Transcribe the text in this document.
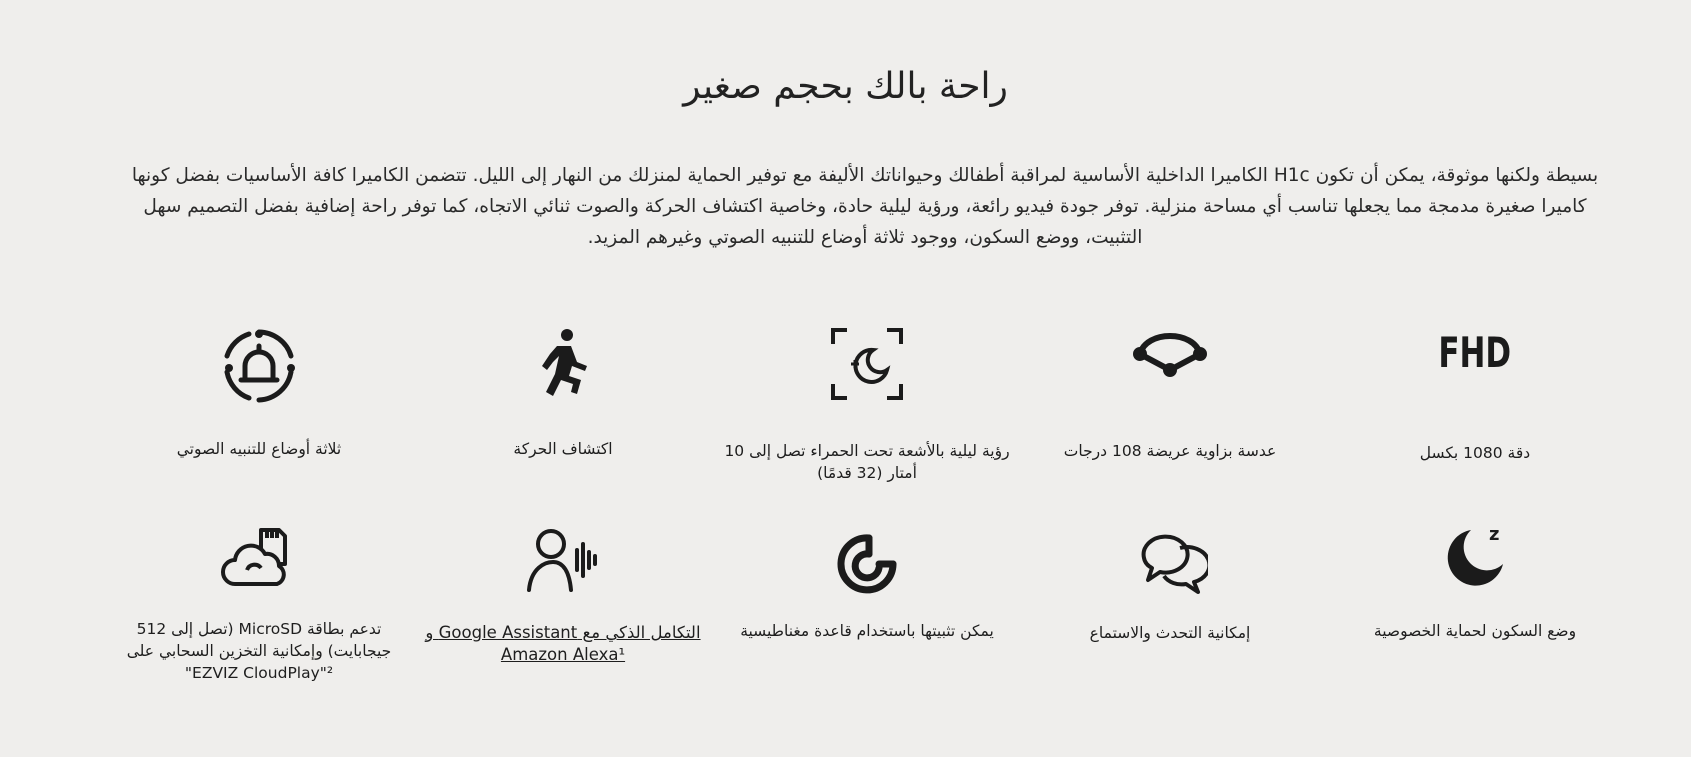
راحة بالك بحجم صغير

بسيطة ولكنها موثوقة، يمكن أن تكون H1c الكاميرا الداخلية الأساسية لمراقبة أطفالك وحيواناتك الأليفة مع توفير الحماية لمنزلك من النهار إلى الليل. تتضمن الكاميرا كافة الأساسيات بفضل كونها كاميرا صغيرة مدمجة مما يجعلها تناسب أي مساحة منزلية. توفر جودة فيديو رائعة، ورؤية ليلية حادة، وخاصية اكتشاف الحركة والصوت ثنائي الاتجاه، كما توفر راحة إضافية بفضل التصميم سهل التثبيت، ووضع السكون، ووجود ثلاثة أوضاع للتنبيه الصوتي وغيرهم المزيد.

FHD
دقة 1080 بكسل
عدسة بزاوية عريضة 108 درجات
رؤية ليلية بالأشعة تحت الحمراء تصل إلى 10 أمتار (32 قدمًا)
اكتشاف الحركة
ثلاثة أوضاع للتنبيه الصوتي
z
وضع السكون لحماية الخصوصية
إمكانية التحدث والاستماع
يمكن تثبيتها باستخدام قاعدة مغناطيسية
التكامل الذكي مع Google Assistant و Amazon Alexa¹
تدعم بطاقة MicroSD (تصل إلى 512 جيجابايت) وإمكانية التخزين السحابي على EZVIZ CloudPlay"²"
